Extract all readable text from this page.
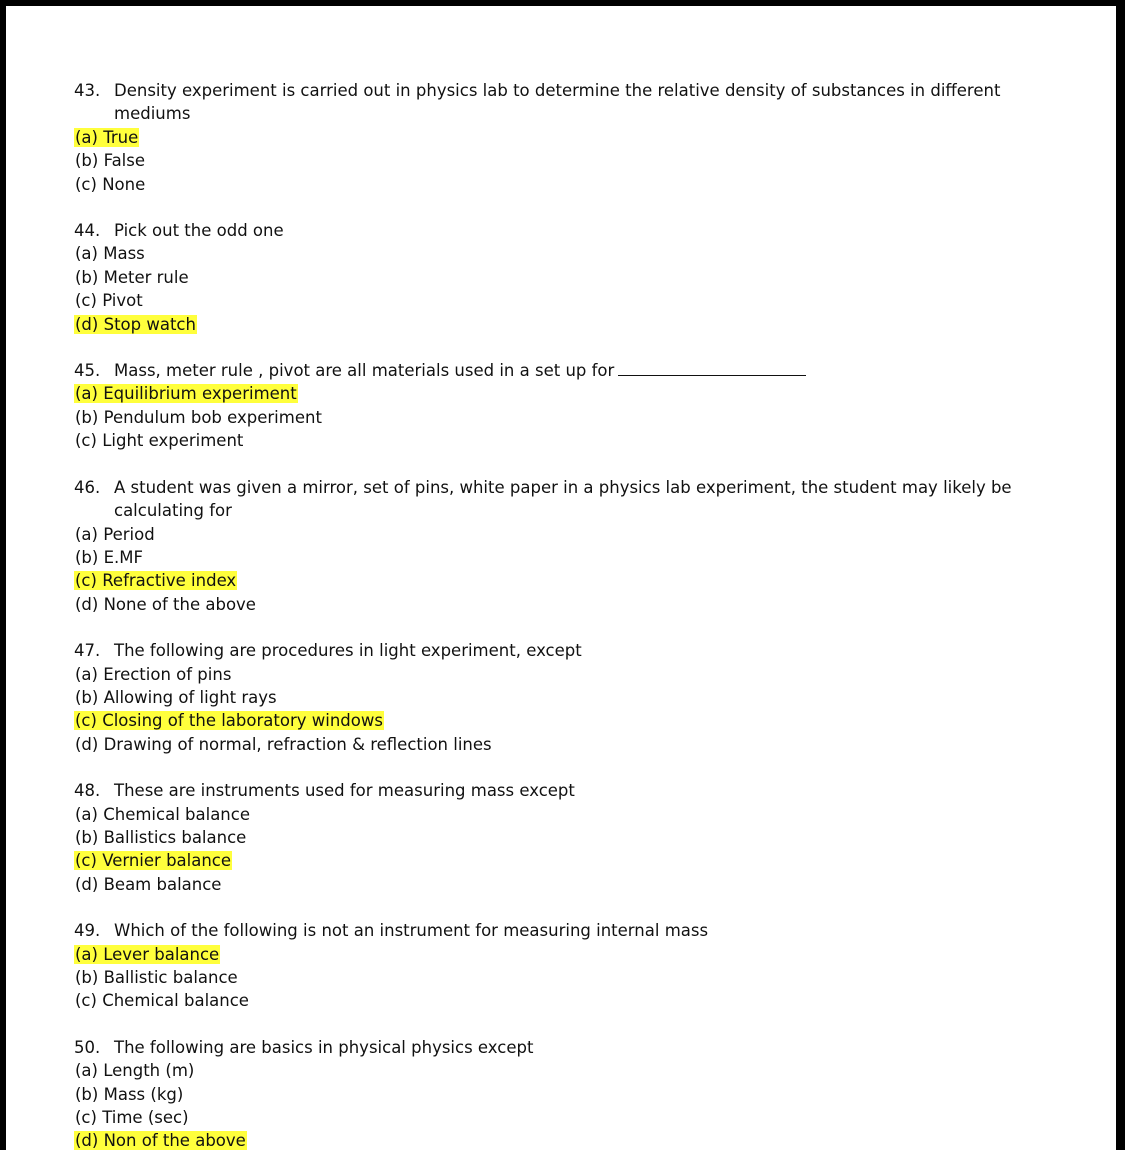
43. Density experiment is carried out in physics lab to determine the relative density of substances in different mediums
(a) True
(b) False
(c) None
44. Pick out the odd one
(a) Mass
(b) Meter rule
(c) Pivot
(d) Stop watch
45. Mass, meter rule , pivot are all materials used in a set up for
(a) Equilibrium experiment
(b) Pendulum bob experiment
(c) Light experiment
46. A student was given a mirror, set of pins, white paper in a physics lab experiment, the student may likely be calculating for
(a) Period
(b) E.MF
(c) Refractive index
(d) None of the above
47. The following are procedures in light experiment, except
(a) Erection of pins
(b) Allowing of light rays
(c) Closing of the laboratory windows
(d) Drawing of normal, refraction & reflection lines
48. These are instruments used for measuring mass except
(a) Chemical balance
(b) Ballistics balance
(c) Vernier balance
(d) Beam balance
49. Which of the following is not an instrument for measuring internal mass
(a) Lever balance
(b) Ballistic balance
(c) Chemical balance
50. The following are basics in physical physics except
(a) Length (m)
(b) Mass (kg)
(c) Time (sec)
(d) Non of the above
